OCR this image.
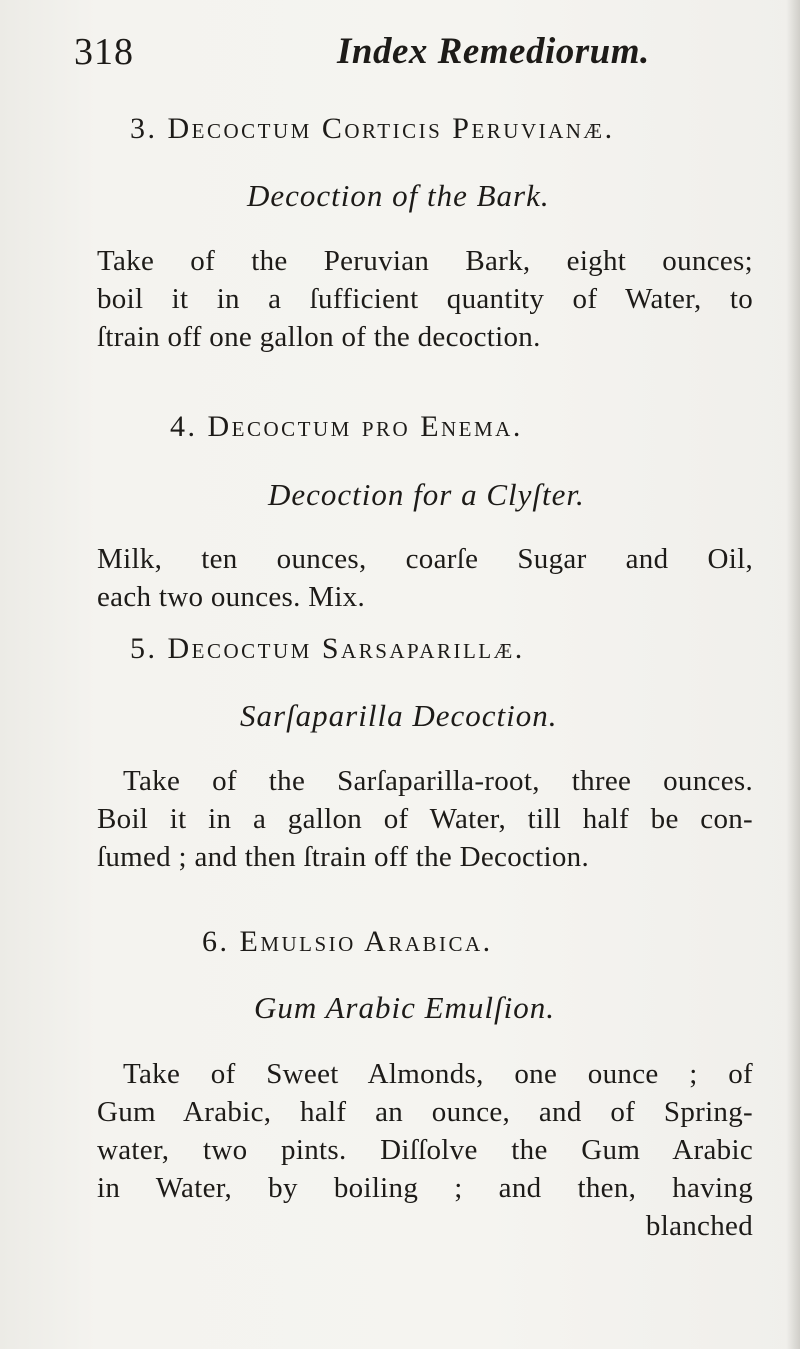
318	Index Remediorum.
3. Decoctum Corticis Peruvianæ.
Decoction of the Bark.
Take of the Peruvian Bark, eight ounces;
boil it in a ſufficient quantity of Water, to
ſtrain off one gallon of the decoction.
4. Decoctum pro Enema.
Decoction for a Clyſter.
Milk, ten ounces, coarſe Sugar and Oil,
each two ounces. Mix.
5. Decoctum Sarsaparillæ.
Sarſaparilla Decoction.
Take of the Sarſaparilla-root, three ounces.
Boil it in a gallon of Water, till half be con-
ſumed ; and then ſtrain off the Decoction.
6. Emulsio Arabica.
Gum Arabic Emulſion.
Take of Sweet Almonds, one ounce ; of
Gum Arabic, half an ounce, and of Spring-
water, two pints. Diſſolve the Gum Arabic
in Water, by boiling ; and then, having
blanched
